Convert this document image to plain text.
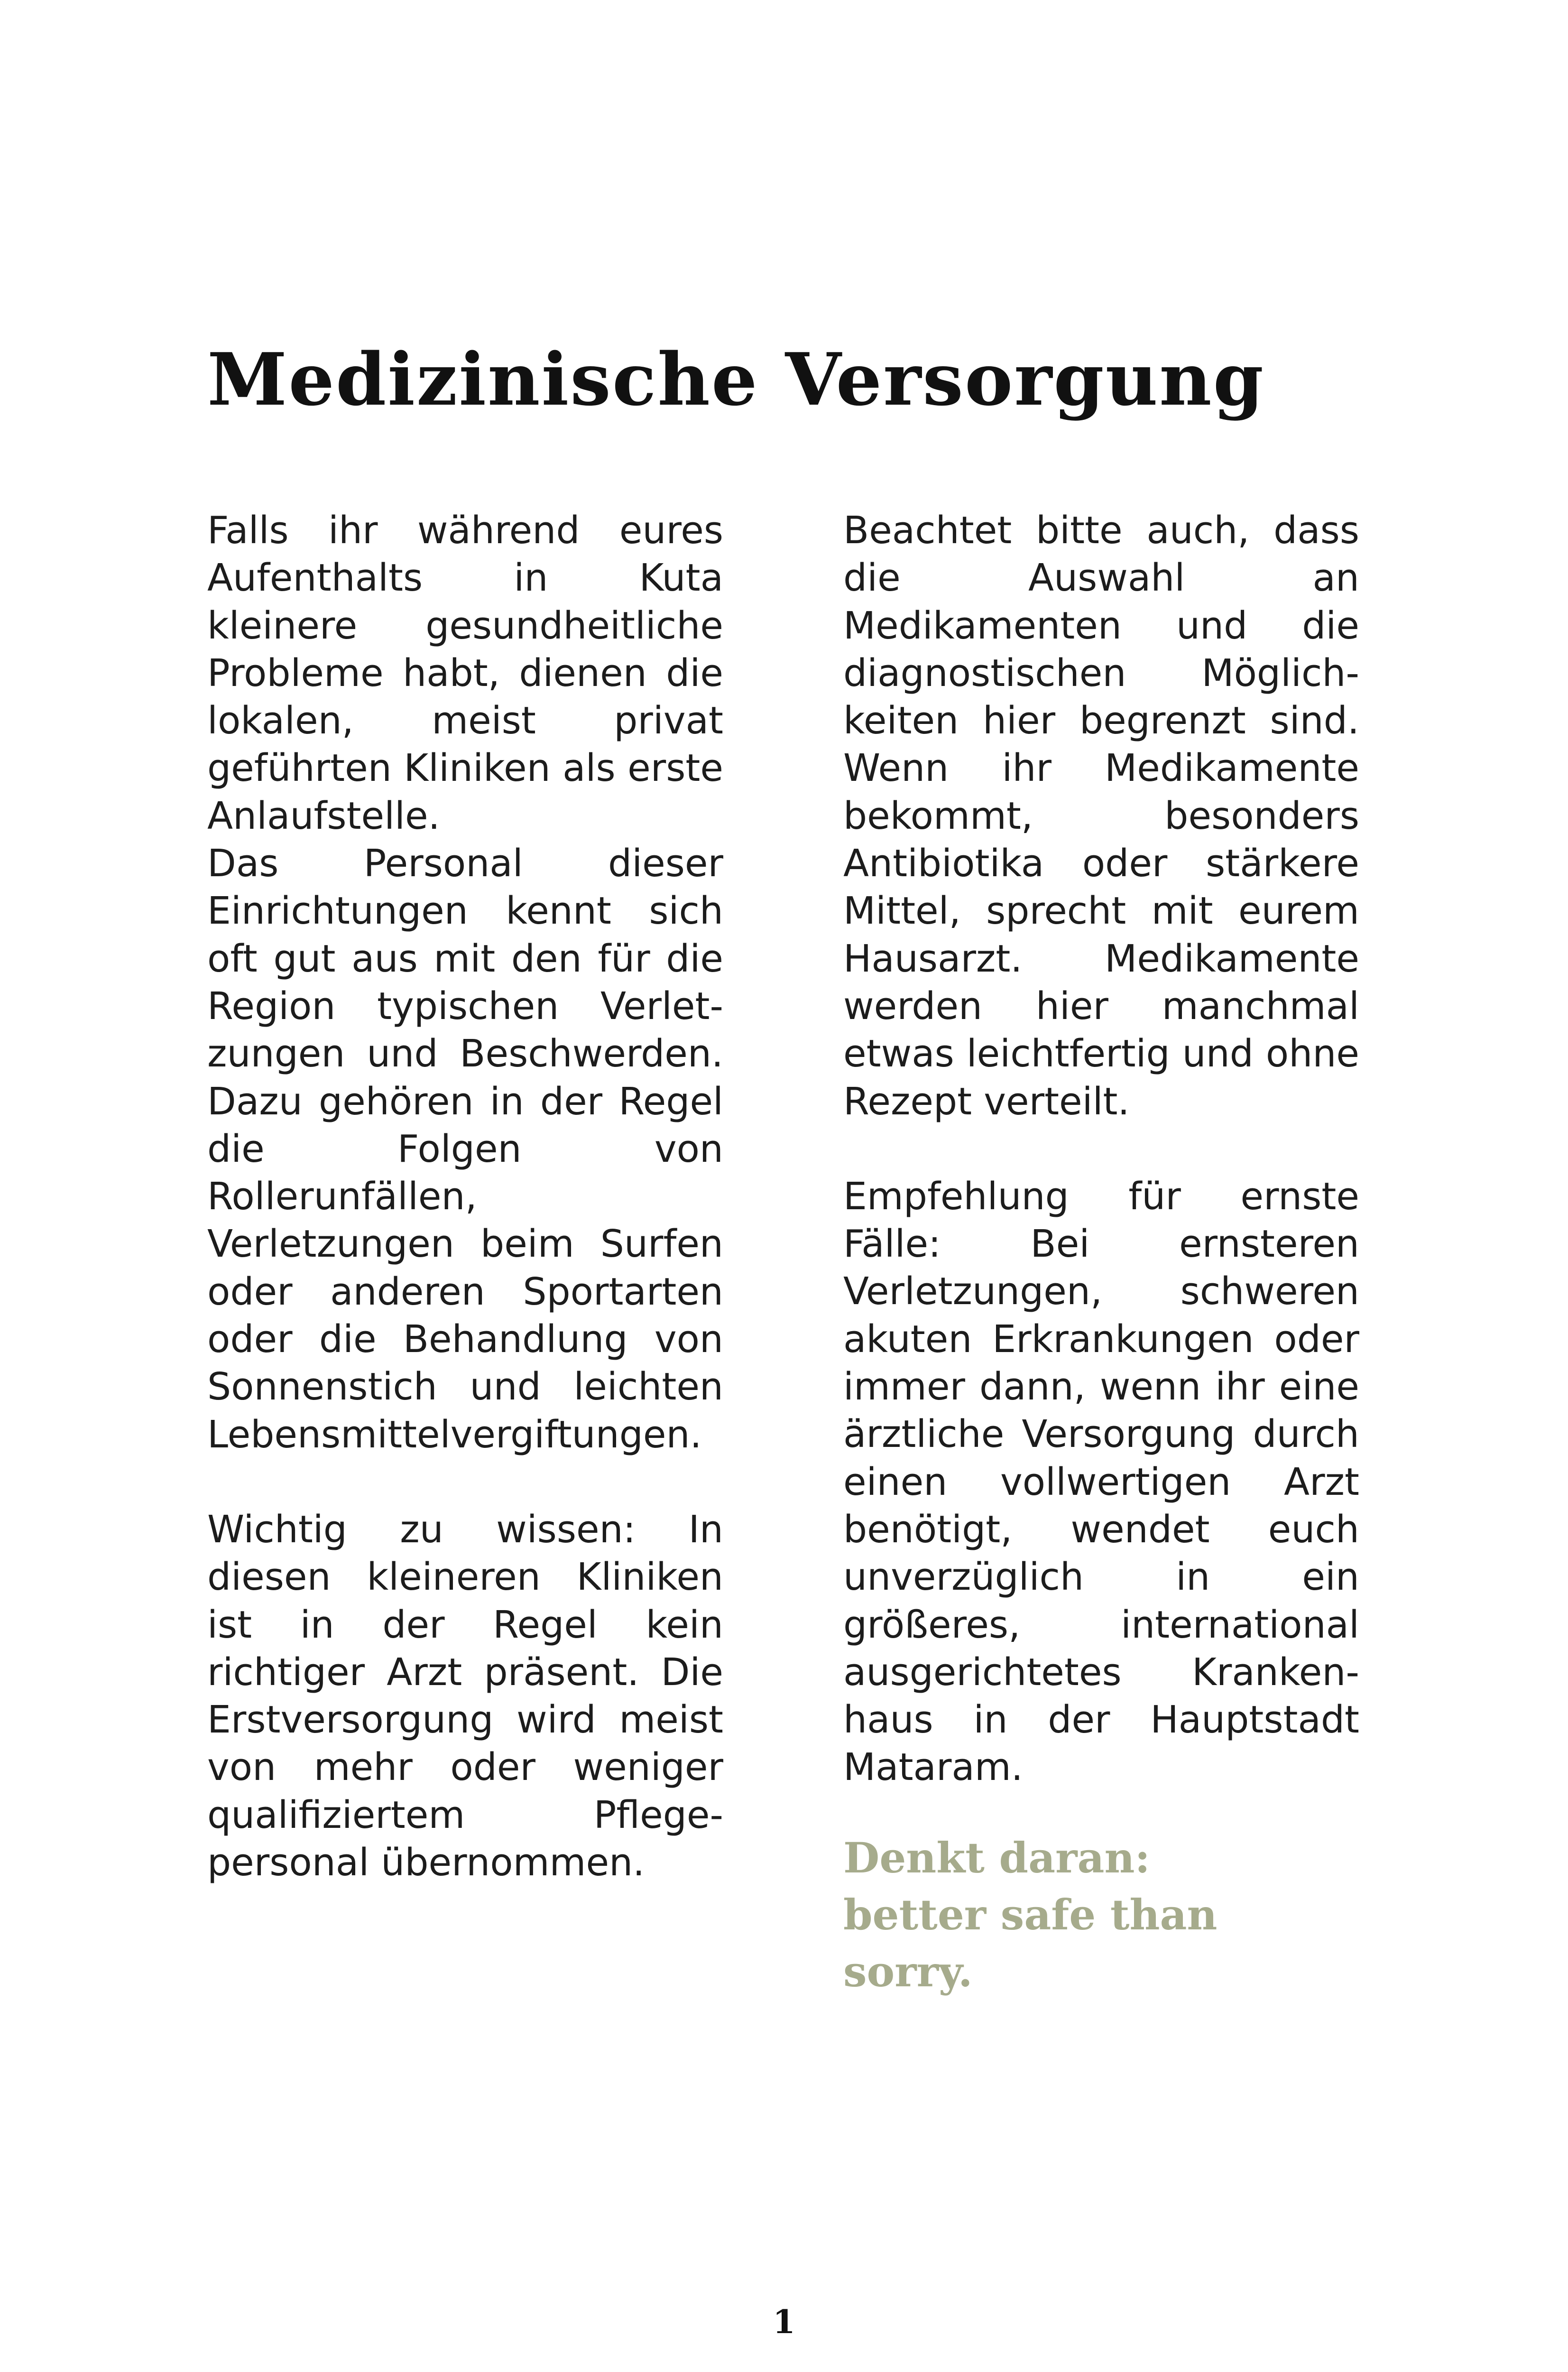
Medizinische Versorgung

Falls ihr während eures Aufenthalts in Kuta kleinere gesundheitliche Probleme habt, dienen die lokalen, meist privat geführten Kliniken als erste Anlaufstelle.

Das Personal dieser Einrichtungen kennt sich oft gut aus mit den für die Region typischen Verletzungen und Beschwerden. Dazu gehören in der Regel die Folgen von Rollerunfällen, Verletzungen beim Surfen oder anderen Sportarten oder die Behandlung von Sonnenstich und leichten Lebensmittelvergiftungen.

Wichtig zu wissen: In diesen kleineren Kliniken ist in der Regel kein richtiger Arzt präsent. Die Erstversorgung wird meist von mehr oder weniger qualifiziertem Pflegepersonal übernommen.

Beachtet bitte auch, dass die Auswahl an Medikamenten und die diagnostischen Möglichkeiten hier begrenzt sind. Wenn ihr Medikamente bekommt, besonders Antibiotika oder stärkere Mittel, sprecht mit eurem Hausarzt. Medikamente werden hier manchmal etwas leichtfertig und ohne Rezept verteilt.

Empfehlung für ernste Fälle: Bei ernsteren Verletzungen, schweren akuten Erkrankungen oder immer dann, wenn ihr eine ärztliche Versorgung durch einen vollwertigen Arzt benötigt, wendet euch unverzüglich in ein größeres, international ausgerichtetes Krankenhaus in der Hauptstadt Mataram.

Denkt daran:
better safe than sorry.
1
